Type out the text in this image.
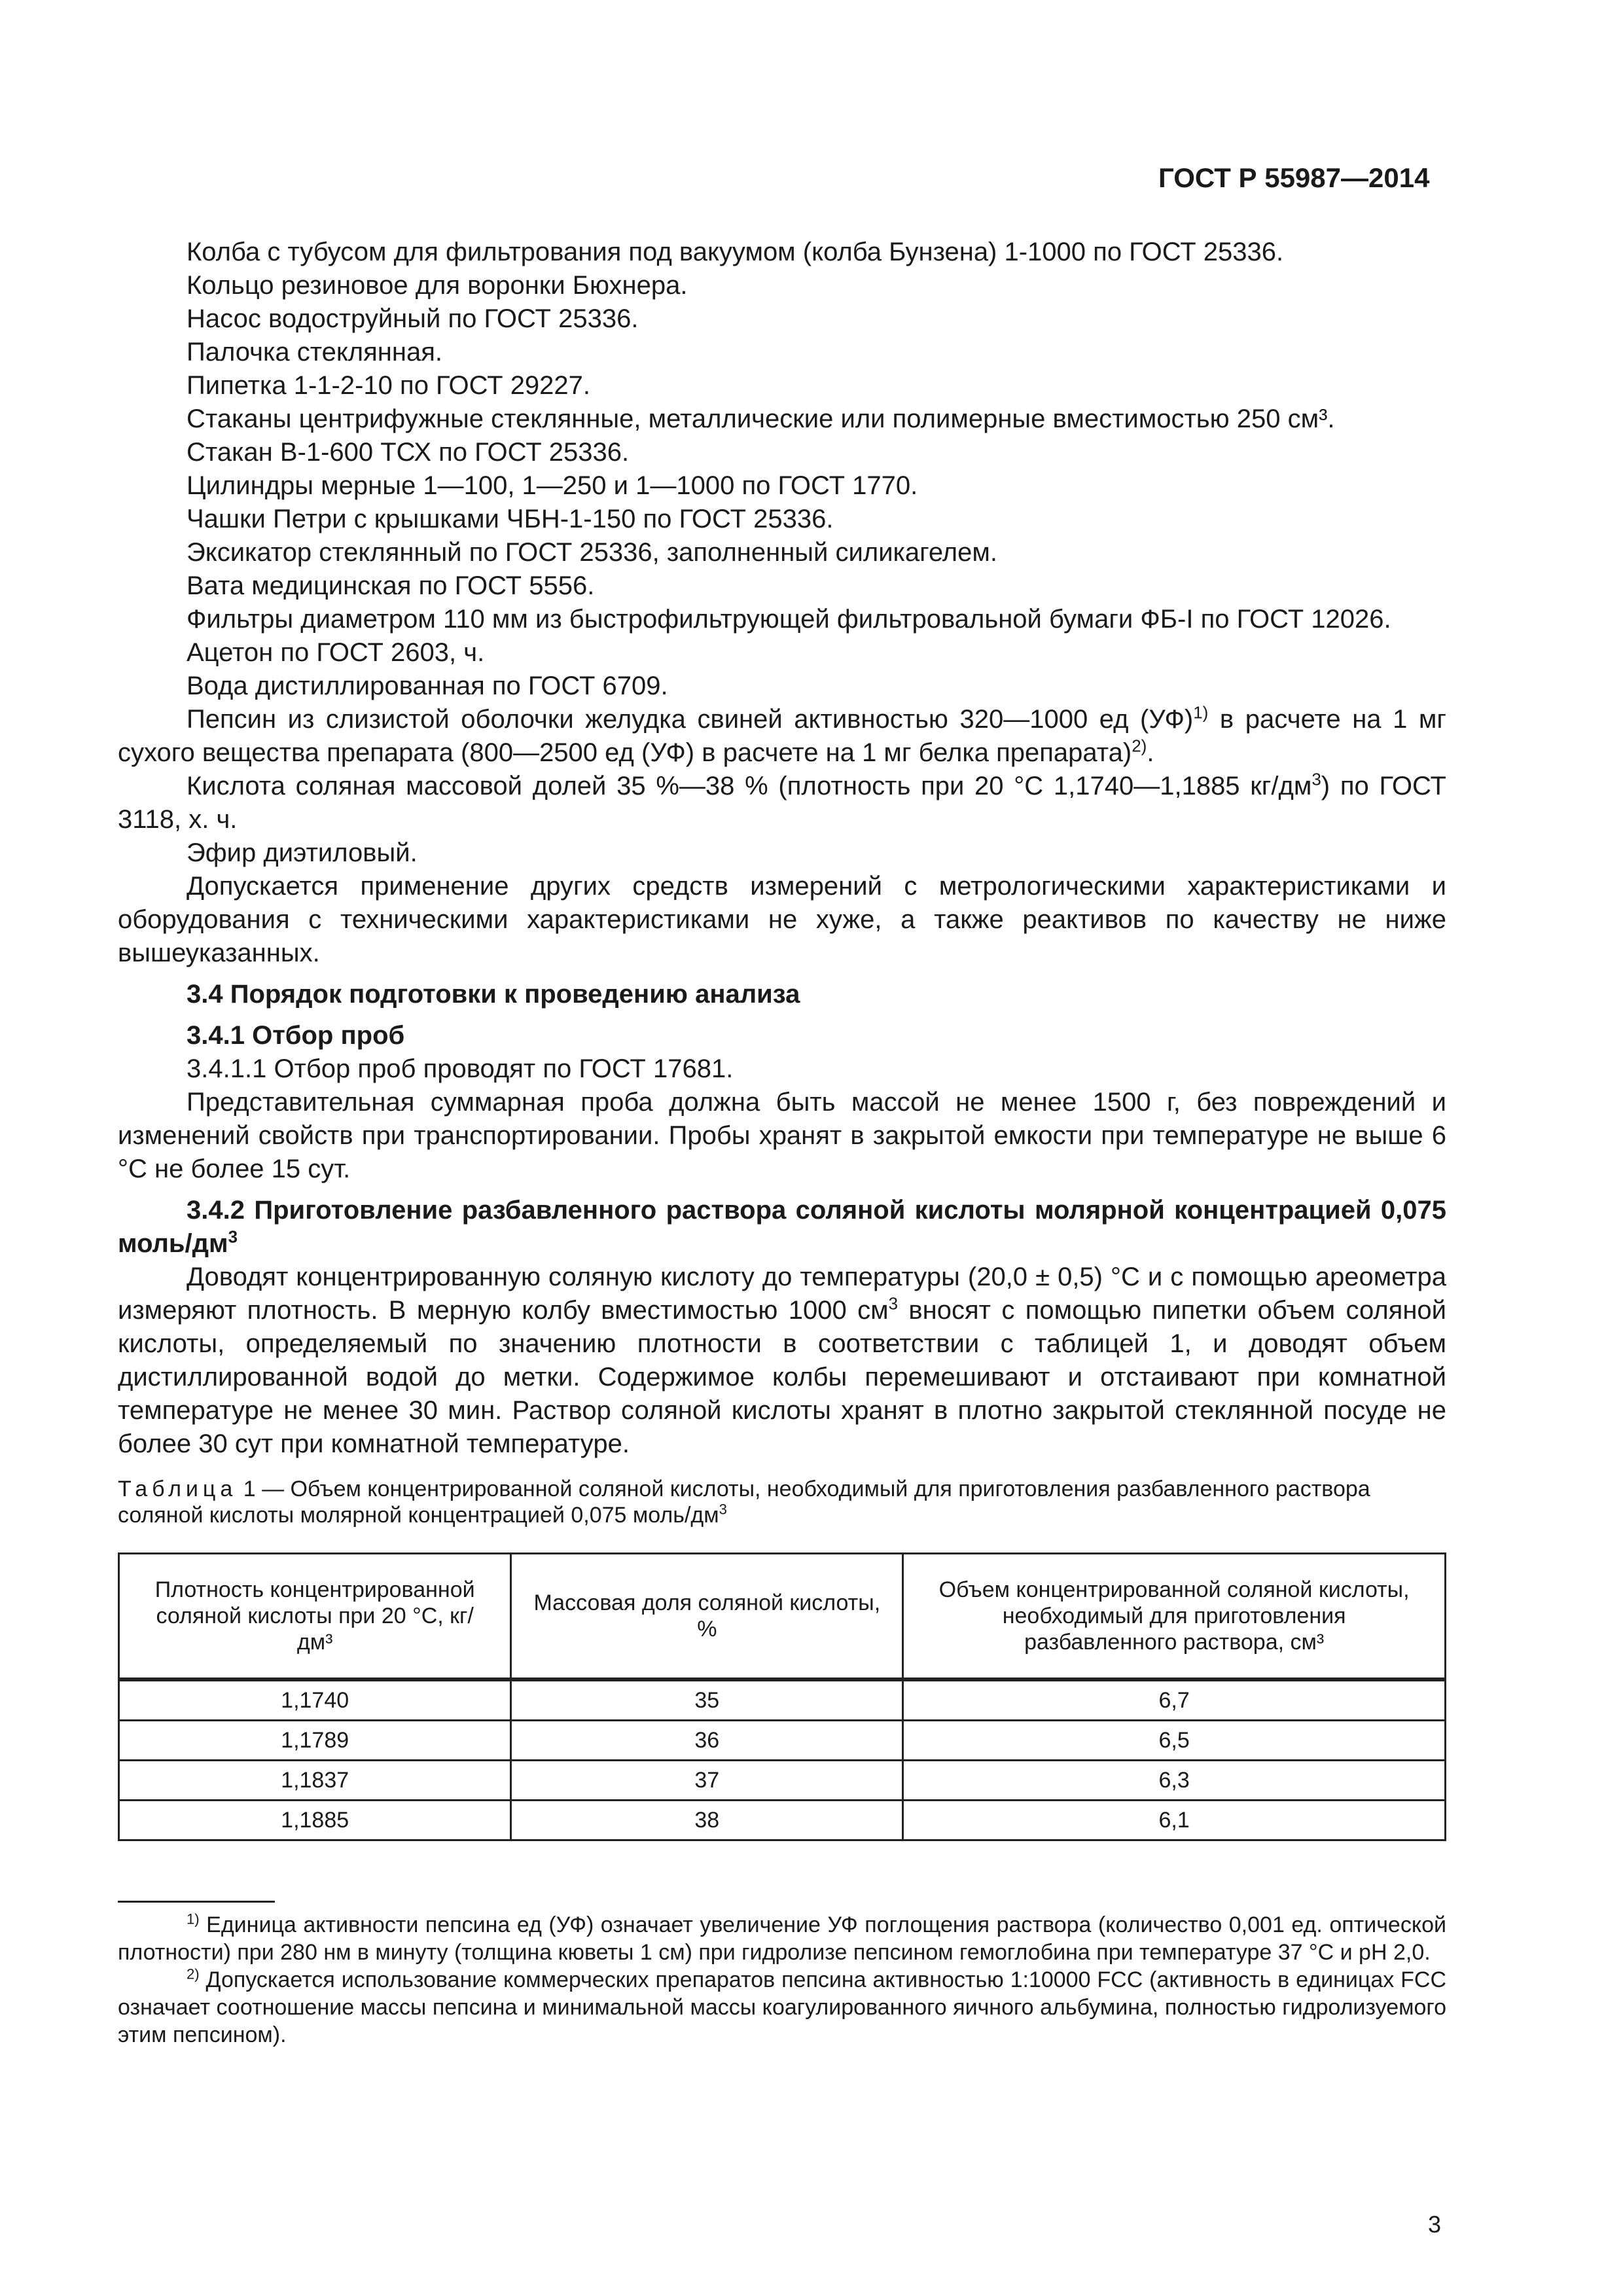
ГОСТ Р 55987—2014

Колба с тубусом для фильтрования под вакуумом (колба Бунзена) 1-1000 по ГОСТ 25336.

Кольцо резиновое для воронки Бюхнера.

Насос водоструйный по ГОСТ 25336.

Палочка стеклянная.

Пипетка 1-1-2-10 по ГОСТ 29227.

Стаканы центрифужные стеклянные, металлические или полимерные вместимостью 250 см³.

Стакан В-1-600 ТСХ по ГОСТ 25336.

Цилиндры мерные 1—100, 1—250 и 1—1000 по ГОСТ 1770.

Чашки Петри с крышками ЧБН-1-150 по ГОСТ 25336.

Эксикатор стеклянный по ГОСТ 25336, заполненный силикагелем.

Вата медицинская по ГОСТ 5556.

Фильтры диаметром 110 мм из быстрофильтрующей фильтровальной бумаги ФБ-I по ГОСТ 12026.

Ацетон по ГОСТ 2603, ч.

Вода дистиллированная по ГОСТ 6709.

Пепсин из слизистой оболочки желудка свиней активностью 320—1000 ед (УФ)$^{1)}$ в расчете на 1 мг сухого вещества препарата (800—2500 ед (УФ) в расчете на 1 мг белка препарата)$^{2)}$.

Кислота соляная массовой долей 35 %—38 % (плотность при 20 °С 1,1740—1,1885 $кг/дм^3$) по ГОСТ 3118, х. ч.

Эфир диэтиловый.

Допускается применение других средств измерений с метрологическими характеристиками и оборудования с техническими характеристиками не хуже, а также реактивов по качеству не ниже вышеуказанных.

3.4 Порядок подготовки к проведению анализа

3.4.1 Отбор проб

3.4.1.1 Отбор проб проводят по ГОСТ 17681.

Представительная суммарная проба должна быть массой не менее 1500 г, без повреждений и изменений свойств при транспортировании. Пробы хранят в закрытой емкости при температуре не выше 6 °С не более 15 сут.

3.4.2 Приготовление разбавленного раствора соляной кислоты молярной концентрацией 0,075 моль/$дм^3$

Доводят концентрированную соляную кислоту до температуры (20,0 ± 0,5) °С и с помощью ареометра измеряют плотность. В мерную колбу вместимостью 1000 $см^3$ вносят с помощью пипетки объем соляной кислоты, определяемый по значению плотности в соответствии с таблицей 1, и доводят объем дистиллированной водой до метки. Содержимое колбы перемешивают и отстаивают при комнатной температуре не менее 30 мин. Раствор соляной кислоты хранят в плотно закрытой стеклянной посуде не более 30 сут при комнатной температуре.

Таблица 1 — Объем концентрированной соляной кислоты, необходимый для приготовления разбавленного раствора соляной кислоты молярной концентрацией 0,075 моль/$дм^3$
Плотность концентрированной соляной кислоты при 20 °С, кг/дм³	Массовая доля соляной кислоты, %	Объем концентрированной соляной кислоты, необходимый для приготовления разбавленного раствора, см³
1,1740	35	6,7
1,1789	36	6,5
1,1837	37	6,3
1,1885	38	6,1

$^{1)}$ Единица активности пепсина ед (УФ) означает увеличение УФ поглощения раствора (количество 0,001 ед. оптической плотности) при 280 нм в минуту (толщина кюветы 1 см) при гидролизе пепсином гемоглобина при температуре 37 °С и рН 2,0.

$^{2)}$ Допускается использование коммерческих препаратов пепсина активностью 1:10000 FCC (активность в единицах FCC означает соотношение массы пепсина и минимальной массы коагулированного яичного альбумина, полностью гидролизуемого этим пепсином).

3
